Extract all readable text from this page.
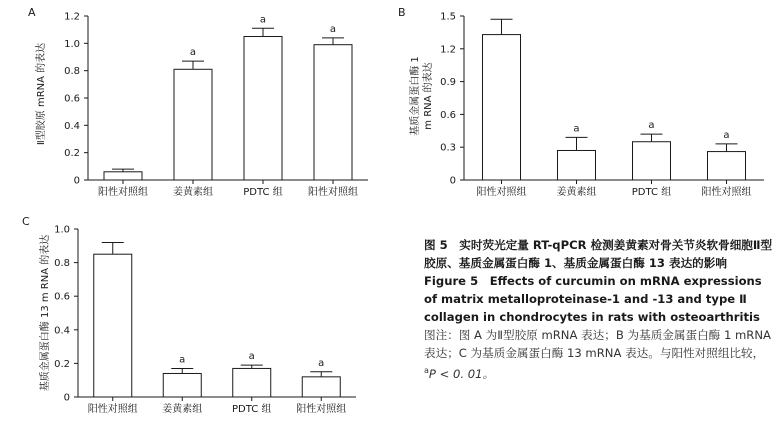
A
Ⅱ型胶原 mRNA 的表达
0
0.2
0.4
0.6
0.8
1.0
1.2
阳性对照组
a
姜黄素组
a
PDTC 组
a
阳性对照组
B
基质金属蛋白酶 1 m RNA 的表达
0
0.3
0.6
0.9
1.2
1.5
阳性对照组
a
姜黄素组
a
PDTC 组
a
阳性对照组
C
基质金属蛋白酶 13 m RNA 的表达
0
0.2
0.4
0.6
0.8
1.0
阳性对照组
a
姜黄素组
a
PDTC 组
a
阳性对照组
图 5　实时荧光定量 RT-qPCR 检测姜黄素对骨关节炎软骨细胞Ⅱ型胶原、基质金属蛋白酶 1、基质金属蛋白酶 13 表达的影响
Figure 5　Effects of curcumin on mRNA expressions of matrix metalloproteinase-1 and -13 and type Ⅱ collagen in chondrocytes in rats with osteoarthritis
图注：图 A 为Ⅱ型胶原 mRNA 表达；B 为基质金属蛋白酶 1 mRNA 表达；C 为基质金属蛋白酶 13 mRNA 表达。与阳性对照组比较，$^a$P < 0. 01。
